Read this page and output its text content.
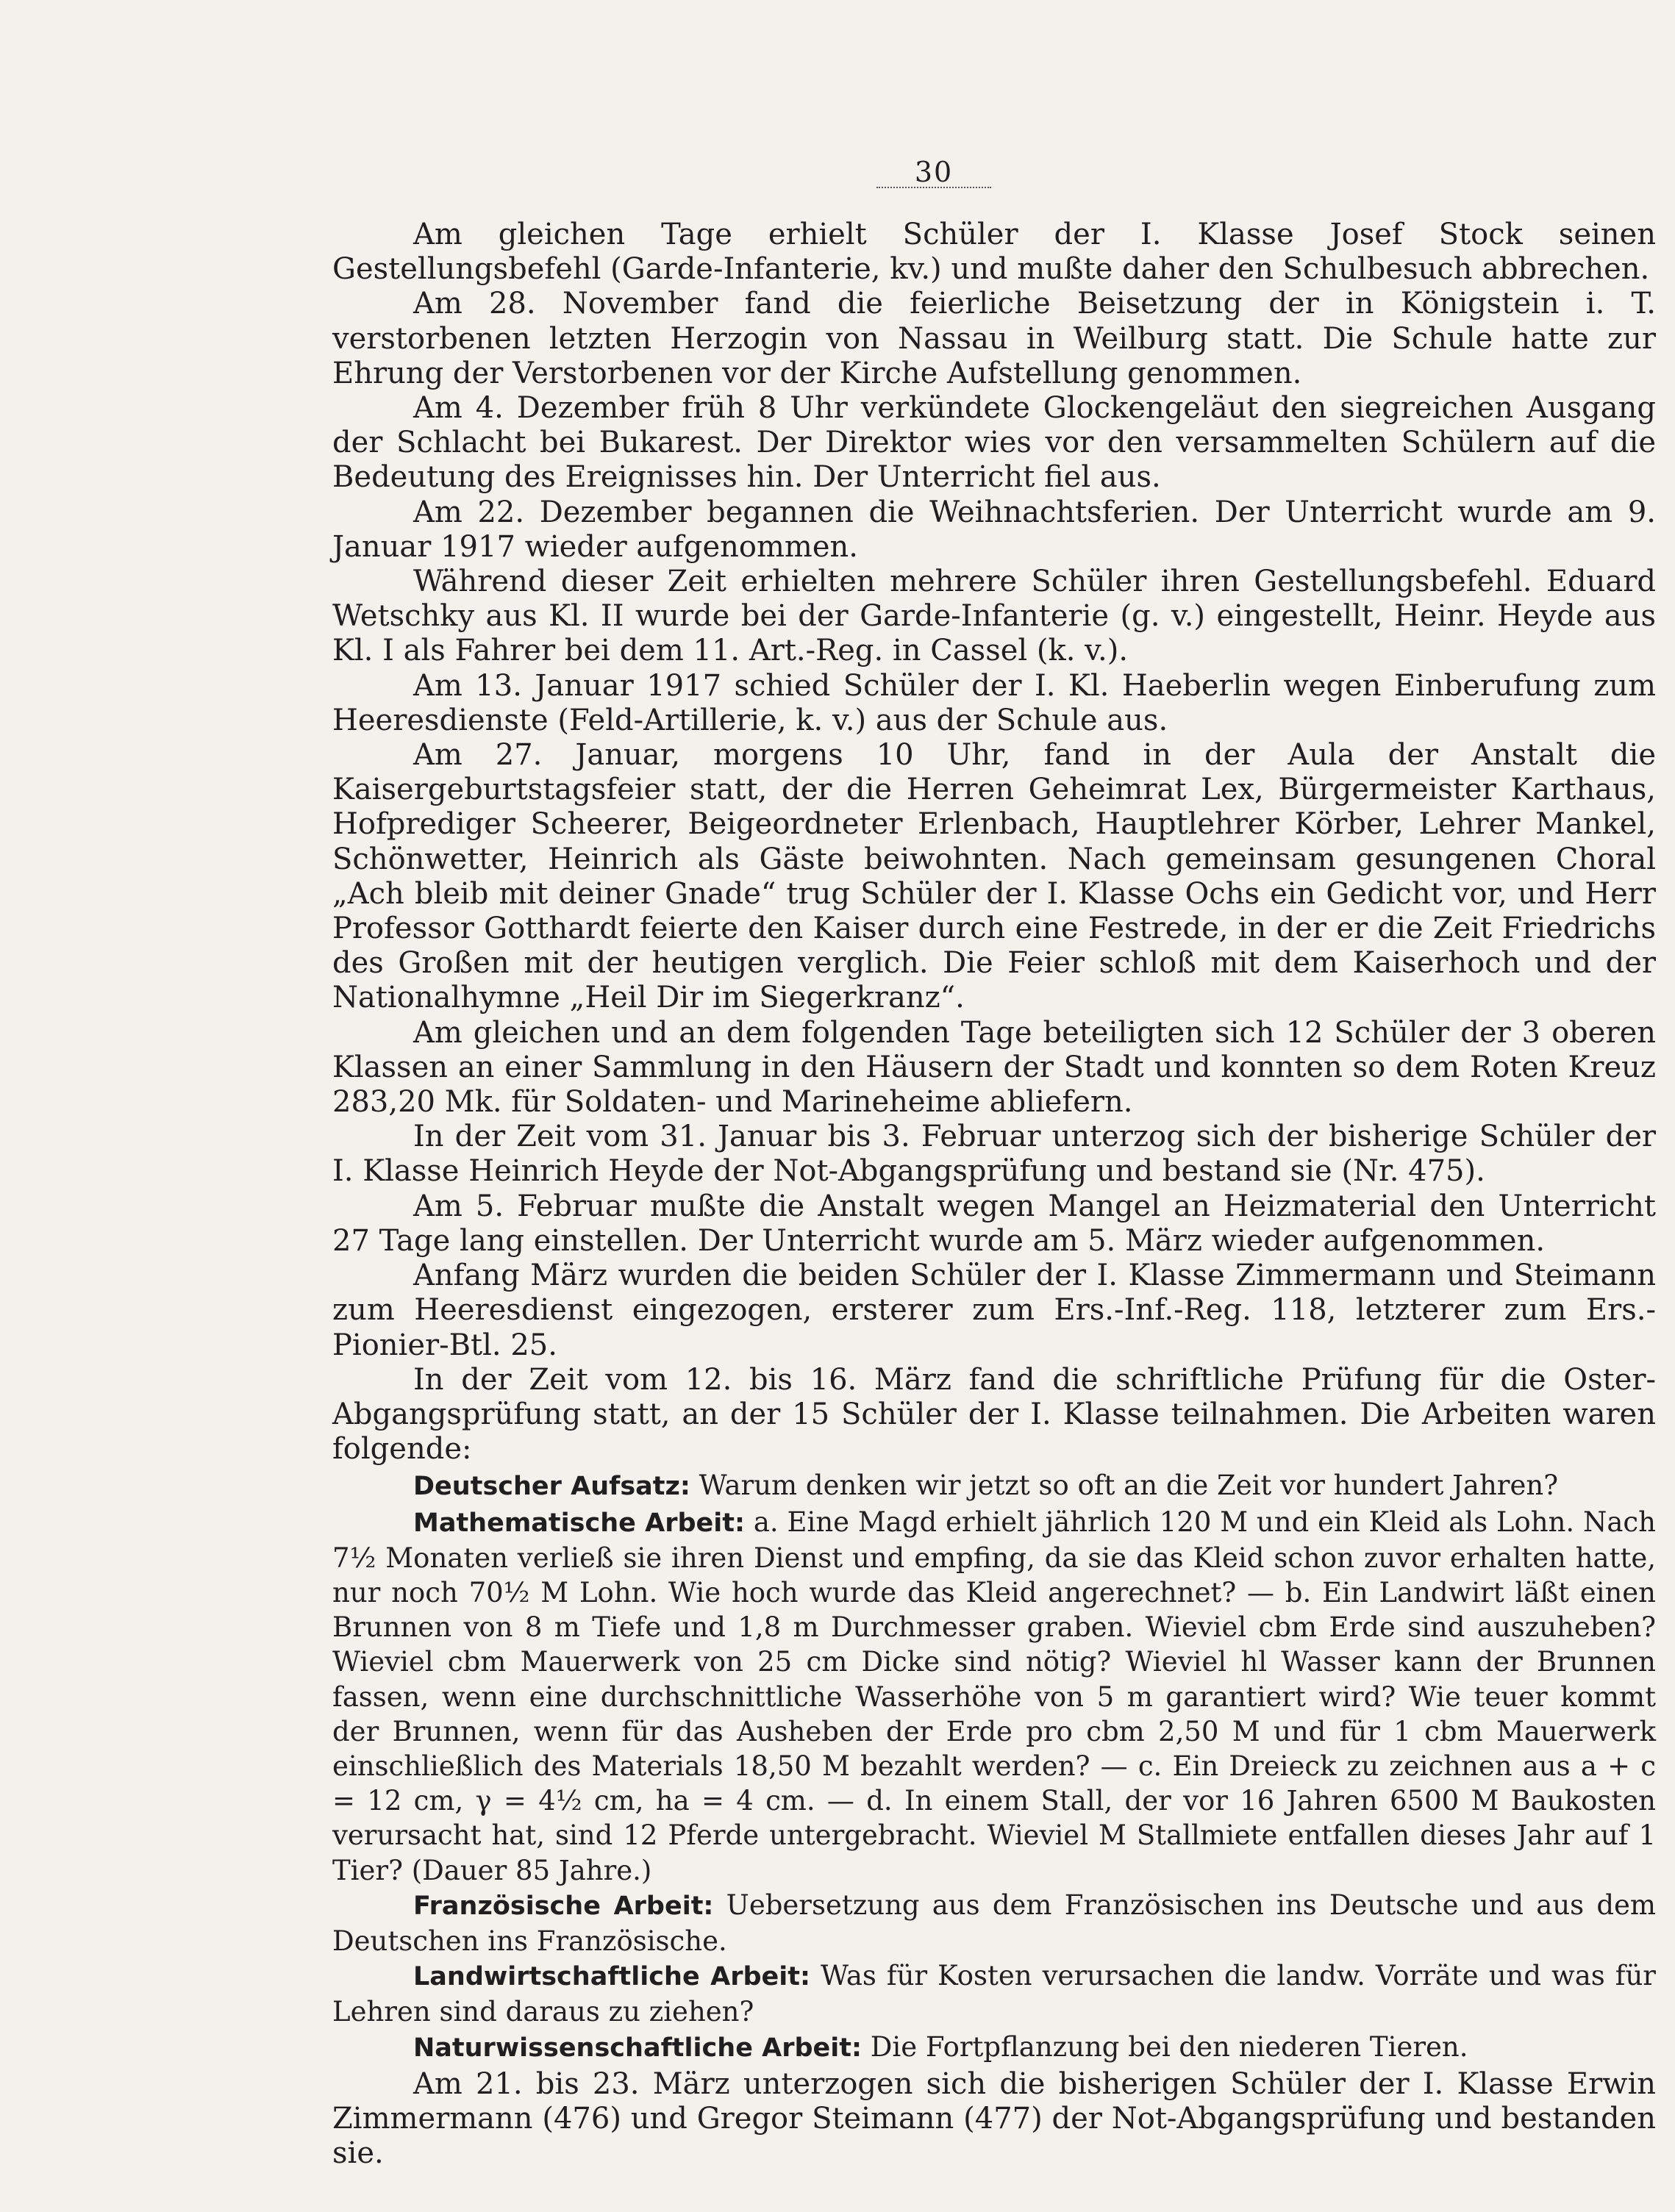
30

Am gleichen Tage erhielt Schüler der I. Klasse Josef Stock seinen Gestellungsbefehl (Garde-Infanterie, kv.) und mußte daher den Schulbesuch abbrechen.

Am 28. November fand die feierliche Beisetzung der in Königstein i. T. verstorbenen letzten Herzogin von Nassau in Weilburg statt. Die Schule hatte zur Ehrung der Verstorbenen vor der Kirche Aufstellung genommen.

Am 4. Dezember früh 8 Uhr verkündete Glockengeläut den siegreichen Ausgang der Schlacht bei Bukarest. Der Direktor wies vor den versammelten Schülern auf die Bedeutung des Ereignisses hin. Der Unterricht fiel aus.

Am 22. Dezember begannen die Weihnachtsferien. Der Unterricht wurde am 9. Januar 1917 wieder aufgenommen.

Während dieser Zeit erhielten mehrere Schüler ihren Gestellungsbefehl. Eduard Wetschky aus Kl. II wurde bei der Garde-Infanterie (g. v.) eingestellt, Heinr. Heyde aus Kl. I als Fahrer bei dem 11. Art.-Reg. in Cassel (k. v.).

Am 13. Januar 1917 schied Schüler der I. Kl. Haeberlin wegen Einberufung zum Heeresdienste (Feld-Artillerie, k. v.) aus der Schule aus.

Am 27. Januar, morgens 10 Uhr, fand in der Aula der Anstalt die Kaisergeburtstagsfeier statt, der die Herren Geheimrat Lex, Bürgermeister Karthaus, Hofprediger Scheerer, Beigeordneter Erlenbach, Hauptlehrer Körber, Lehrer Mankel, Schönwetter, Heinrich als Gäste beiwohnten. Nach gemeinsam gesungenen Choral „Ach bleib mit deiner Gnade“ trug Schüler der I. Klasse Ochs ein Gedicht vor, und Herr Professor Gotthardt feierte den Kaiser durch eine Festrede, in der er die Zeit Friedrichs des Großen mit der heutigen verglich. Die Feier schloß mit dem Kaiserhoch und der Nationalhymne „Heil Dir im Siegerkranz“.

Am gleichen und an dem folgenden Tage beteiligten sich 12 Schüler der 3 oberen Klassen an einer Sammlung in den Häusern der Stadt und konnten so dem Roten Kreuz 283,20 Mk. für Soldaten- und Marineheime abliefern.

In der Zeit vom 31. Januar bis 3. Februar unterzog sich der bisherige Schüler der I. Klasse Heinrich Heyde der Not-Abgangsprüfung und bestand sie (Nr. 475).

Am 5. Februar mußte die Anstalt wegen Mangel an Heizmaterial den Unterricht 27 Tage lang einstellen. Der Unterricht wurde am 5. März wieder aufgenommen.

Anfang März wurden die beiden Schüler der I. Klasse Zimmermann und Steimann zum Heeresdienst eingezogen, ersterer zum Ers.-Inf.-Reg. 118, letzterer zum Ers.-Pionier-Btl. 25.

In der Zeit vom 12. bis 16. März fand die schriftliche Prüfung für die Oster-Abgangsprüfung statt, an der 15 Schüler der I. Klasse teilnahmen. Die Arbeiten waren folgende:

Deutscher Aufsatz: Warum denken wir jetzt so oft an die Zeit vor hundert Jahren?

Mathematische Arbeit: a. Eine Magd erhielt jährlich 120 M und ein Kleid als Lohn. Nach 7½ Monaten verließ sie ihren Dienst und empfing, da sie das Kleid schon zuvor erhalten hatte, nur noch 70½ M Lohn. Wie hoch wurde das Kleid angerechnet? — b. Ein Landwirt läßt einen Brunnen von 8 m Tiefe und 1,8 m Durchmesser graben. Wieviel cbm Erde sind auszuheben? Wieviel cbm Mauerwerk von 25 cm Dicke sind nötig? Wieviel hl Wasser kann der Brunnen fassen, wenn eine durchschnittliche Wasserhöhe von 5 m garantiert wird? Wie teuer kommt der Brunnen, wenn für das Ausheben der Erde pro cbm 2,50 M und für 1 cbm Mauerwerk einschließlich des Materials 18,50 M bezahlt werden? — c. Ein Dreieck zu zeichnen aus a + c = 12 cm, γ = 4½ cm, ha = 4 cm. — d. In einem Stall, der vor 16 Jahren 6500 M Baukosten verursacht hat, sind 12 Pferde untergebracht. Wieviel M Stallmiete entfallen dieses Jahr auf 1 Tier? (Dauer 85 Jahre.)

Französische Arbeit: Uebersetzung aus dem Französischen ins Deutsche und aus dem Deutschen ins Französische.

Landwirtschaftliche Arbeit: Was für Kosten verursachen die landw. Vorräte und was für Lehren sind daraus zu ziehen?

Naturwissenschaftliche Arbeit: Die Fortpflanzung bei den niederen Tieren.

Am 21. bis 23. März unterzogen sich die bisherigen Schüler der I. Klasse Erwin Zimmermann (476) und Gregor Steimann (477) der Not-Abgangsprüfung und bestanden sie.
